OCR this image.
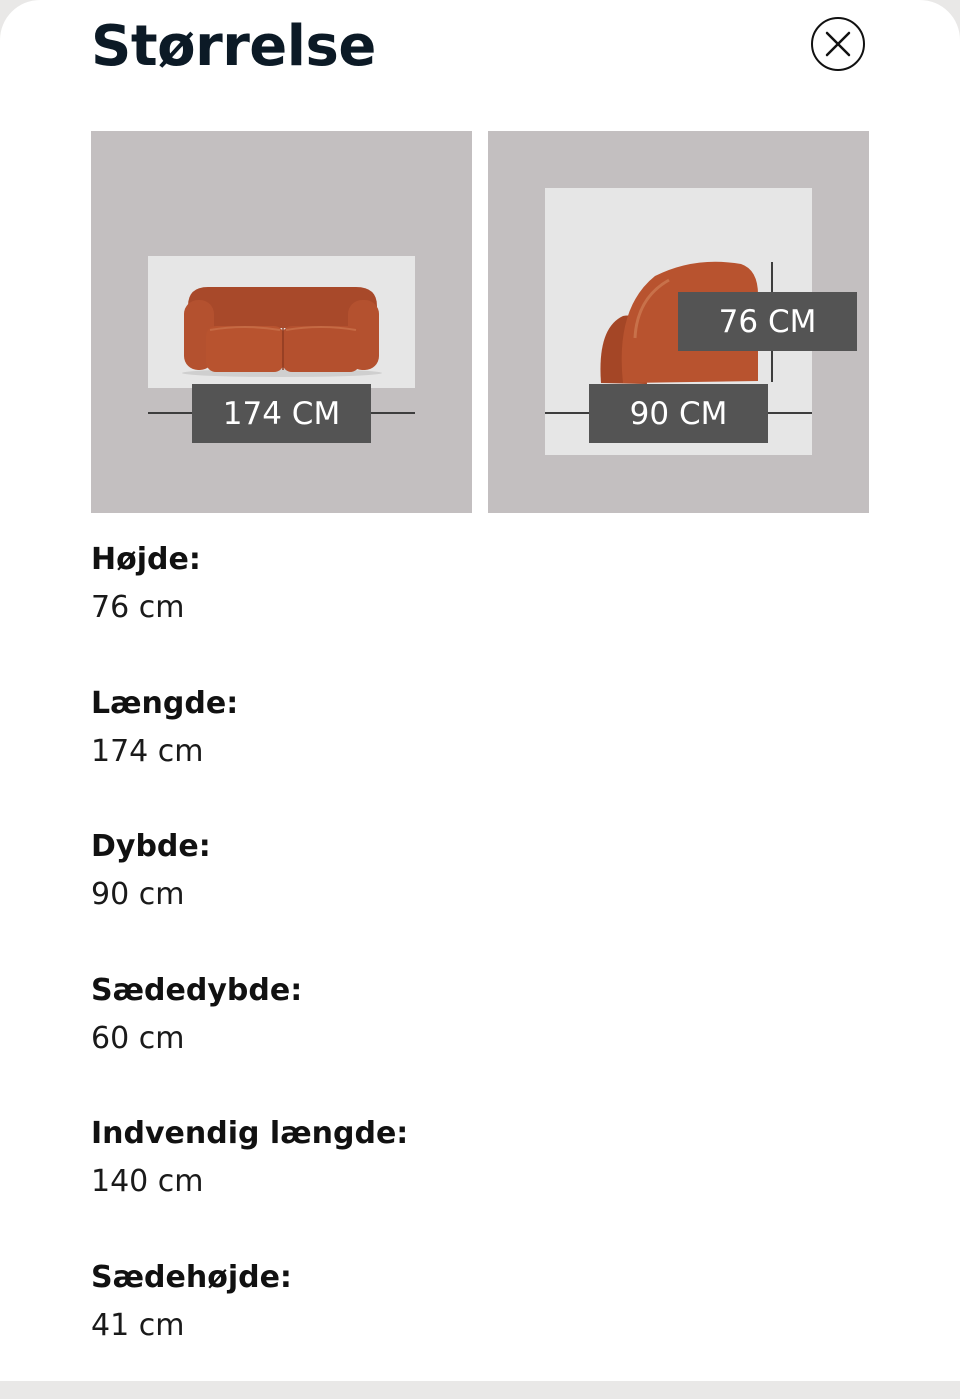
Størrelse
174 CM
76 CM
90 CM
Højde:
76 cm
Længde:
174 cm
Dybde:
90 cm
Sædedybde:
60 cm
Indvendig længde:
140 cm
Sædehøjde:
41 cm
